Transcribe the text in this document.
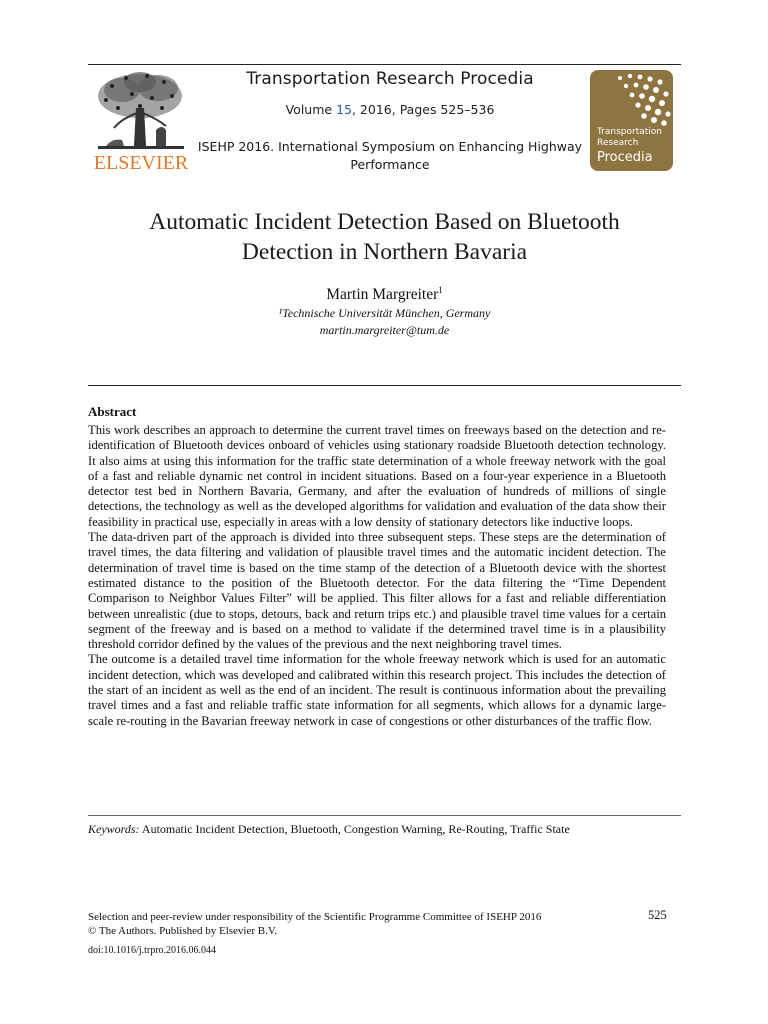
ELSEVIER
Transportation Research Procedia
Volume 15, 2016, Pages 525–536
ISEHP 2016. International Symposium on Enhancing Highway
Performance
Transportation
Research
Procedia
Automatic Incident Detection Based on Bluetooth
Detection in Northern Bavaria
Martin Margreiter$^1$
¹Technische Universität München, Germany
martin.margreiter@tum.de
Abstract

This work describes an approach to determine the current travel times on freeways based on the detection and re-identification of Bluetooth devices onboard of vehicles using stationary roadside Bluetooth detection technology. It also aims at using this information for the traffic state determination of a whole freeway network with the goal of a fast and reliable dynamic net control in incident situations. Based on a four-year experience in a Bluetooth detector test bed in Northern Bavaria, Germany, and after the evaluation of hundreds of millions of single detections, the technology as well as the developed algorithms for validation and evaluation of the data show their feasibility in practical use, especially in areas with a low density of stationary detectors like inductive loops.

The data-driven part of the approach is divided into three subsequent steps. These steps are the determination of travel times, the data filtering and validation of plausible travel times and the automatic incident detection. The determination of travel time is based on the time stamp of the detection of a Bluetooth device with the shortest estimated distance to the position of the Bluetooth detector. For the data filtering the “Time Dependent Comparison to Neighbor Values Filter” will be applied. This filter allows for a fast and reliable differentiation between unrealistic (due to stops, detours, back and return trips etc.) and plausible travel time values for a certain segment of the freeway and is based on a method to validate if the determined travel time is in a plausibility threshold corridor defined by the values of the previous and the next neighboring travel times.

The outcome is a detailed travel time information for the whole freeway network which is used for an automatic incident detection, which was developed and calibrated within this research project. This includes the detection of the start of an incident as well as the end of an incident. The result is continuous information about the prevailing travel times and a fast and reliable traffic state information for all segments, which allows for a dynamic large-scale re-routing in the Bavarian freeway network in case of congestions or other disturbances of the traffic flow.

Keywords: Automatic Incident Detection, Bluetooth, Congestion Warning, Re-Routing, Traffic State
Selection and peer-review under responsibility of the Scientific Programme Committee of ISEHP 2016
© The Authors. Published by Elsevier B.V.
525
doi:10.1016/j.trpro.2016.06.044
